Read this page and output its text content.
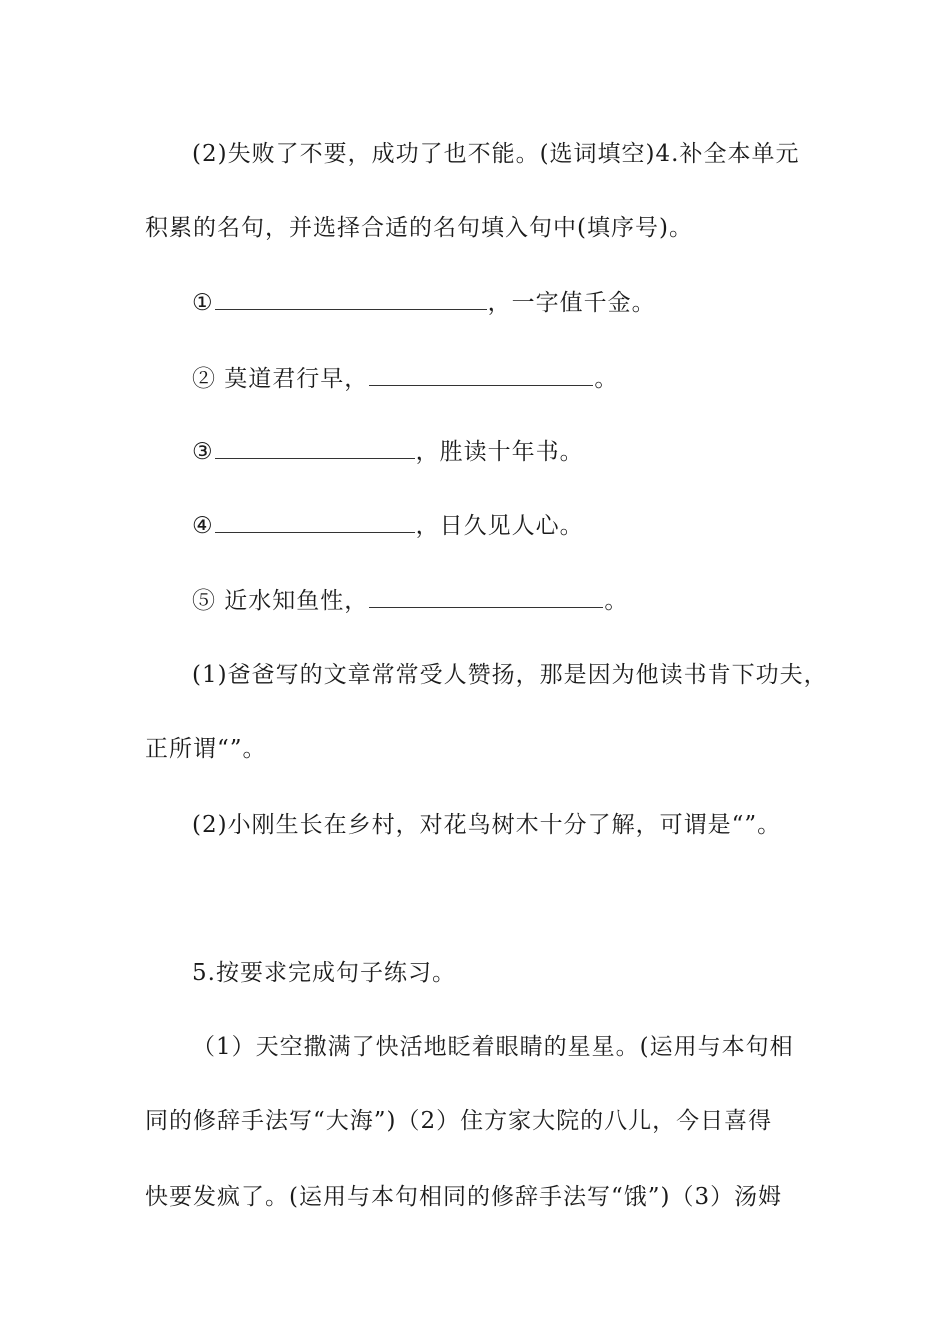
(2)失败了不要，成功了也不能。(选词填空)4.补全本单元
积累的名句，并选择合适的名句填入句中(填序号)。
①	，一字值千金。
② 莫道君行早，	。
③	，胜读十年书。
④	，日久见人心。
⑤ 近水知鱼性，	。
(1)爸爸写的文章常常受人赞扬，那是因为他读书肯下功夫，
正所谓“”。
(2)小刚生长在乡村，对花鸟树木十分了解，可谓是“”。
5.按要求完成句子练习。
（1）天空撒满了快活地眨着眼睛的星星。(运用与本句相
同的修辞手法写“大海”)（2）住方家大院的八儿，今日喜得
快要发疯了。(运用与本句相同的修辞手法写“饿”)（3）汤姆
